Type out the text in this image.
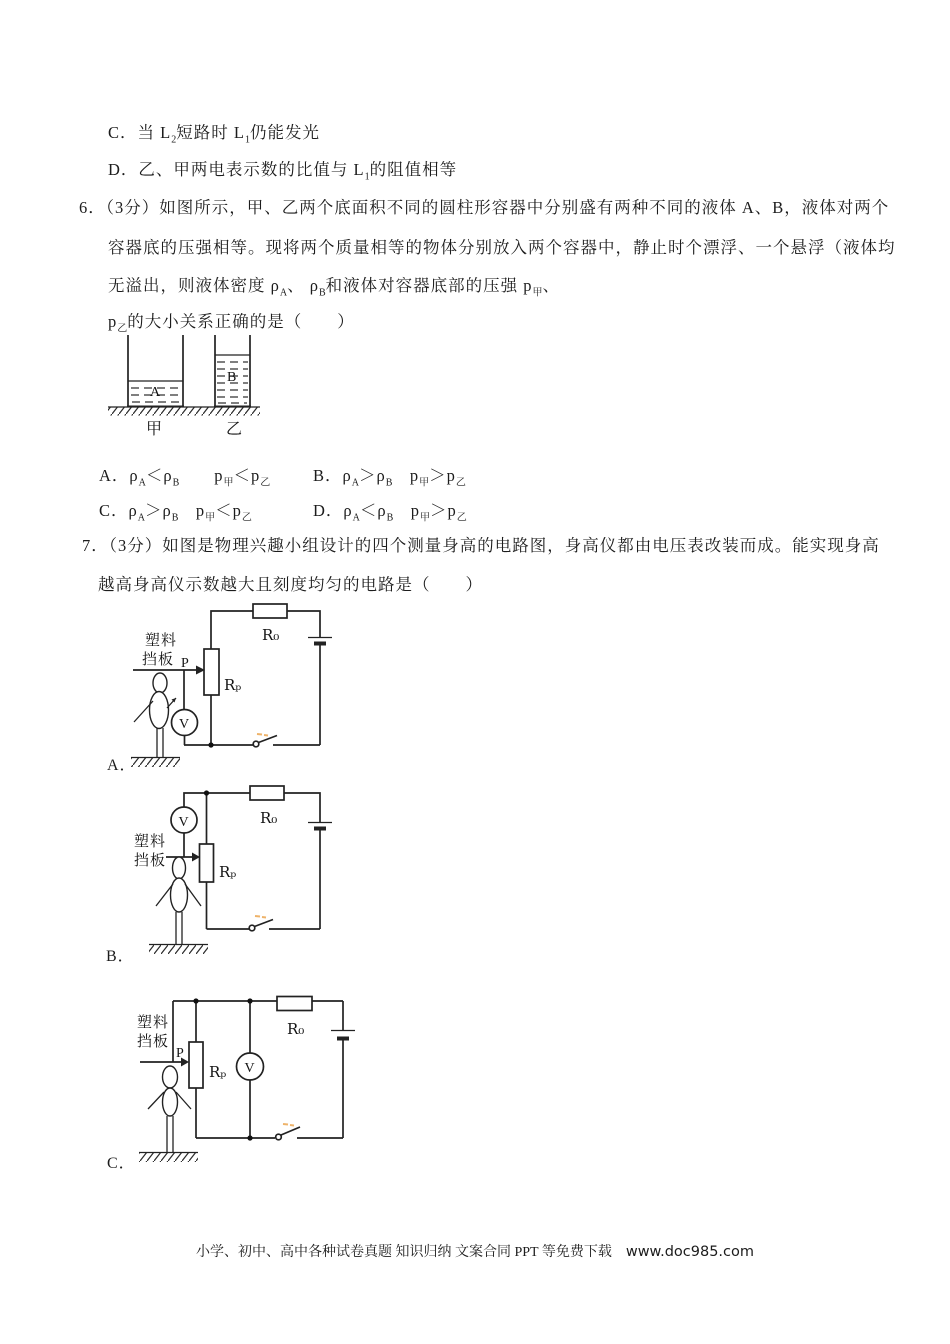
C．当 $L_2$短路时 $L_1$仍能发光
D．乙、甲两电表示数的比值与 $L_1$的阻值相等
6．（3分）如图所示，甲、乙两个底面积不同的圆柱形容器中分别盛有两种不同的液体 A、B，液体对两个
容器底的压强相等。现将两个质量相等的物体分别放入两个容器中，静止时个漂浮、一个悬浮（液体均
无溢出，则液体密度 $\rho_A$、 $\rho_B$和液体对容器底部的压强 $p_甲$、
$p_乙$的大小关系正确的是（　　）
A
B
甲	乙
A．$\rho_A<\rho_B$　　$p_甲<p_乙$	B．$\rho_A>\rho_B$　$p_甲>p_乙$
C．$\rho_A>\rho_B$　$p_甲<p_乙$	D．$\rho_A<\rho_B$　$p_甲>p_乙$
7．（3分）如图是物理兴趣小组设计的四个测量身高的电路图，身高仪都由电压表改装而成。能实现身高
越高身高仪示数越大且刻度均匀的电路是（　　）
R₀
Rₚ
P
塑料
挡板
V
A．
V	R₀
Rₚ
塑料
挡板
B．
R₀
Rₚ
P
塑料
挡板
V
C．
小学、初中、高中各种试卷真题 知识归纳 文案合同 PPT 等免费下载 www.doc985.com
